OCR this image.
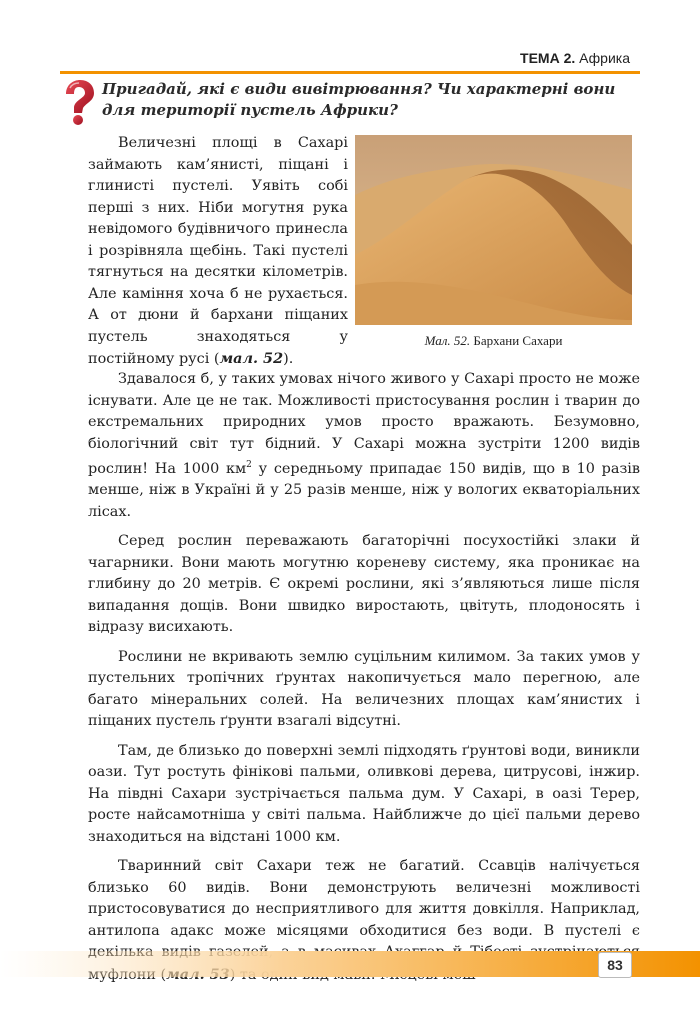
ТЕМА 2. Африка
Пригадай, які є види вивітрювання? Чи характерні вони для території пустель Африки?
Мал. 52. Бархани Сахари

Величезні площі в Сахарі займають кам’янисті, піщані і глинисті пустелі. Уявіть собі перші з них. Ніби могутня рука невідомого будівничого принесла і розрівняла щебінь. Такі пустелі тягнуться на десятки кілометрів. Але каміння хоча б не рухається. А от дюни й бархани піщаних пустель знаходяться у постійному русі (мал. 52).

Здавалося б, у таких умовах нічого живого у Сахарі просто не може існувати. Але це не так. Можливості пристосування рослин і тварин до екстремальних природних умов просто вражають. Безумовно, біологічний світ тут бідний. У Сахарі можна зустріти 1200 видів рослин! На 1000 $км^2$ у середньому припадає 150 видів, що в 10 разів менше, ніж в Україні й у 25 разів менше, ніж у вологих екваторіальних лісах.

Серед рослин переважають багаторічні посухостійкі злаки й чагарники. Вони мають могутню кореневу систему, яка проникає на глибину до 20 метрів. Є окремі рослини, які з’являються лише після випадання дощів. Вони швидко виростають, цвітуть, плодоносять і відразу висихають.

Рослини не вкривають землю суцільним килимом. За таких умов у пустельних тропічних ґрунтах накопичується мало перегною, але багато мінеральних солей. На величезних площах кам’янистих і піщаних пустель ґрунти взагалі відсутні.

Там, де близько до поверхні землі підходять ґрунтові води, виникли оази. Тут ростуть фінікові пальми, оливкові дерева, цитрусові, інжир. На півдні Сахари зустрічається пальма дум. У Сахарі, в оазі Терер, росте найсамотніша у світі пальма. Найближче до цієї пальми дерево знаходиться на відстані 1000 км.

Тваринний світ Сахари теж не багатий. Ссавців налічується близько 60 видів. Вони демонструють величезні можливості пристосовуватися до несприятливого для життя довкілля. Наприклад, антилопа адакс може місяцями обходитися без води. В пустелі є

83
